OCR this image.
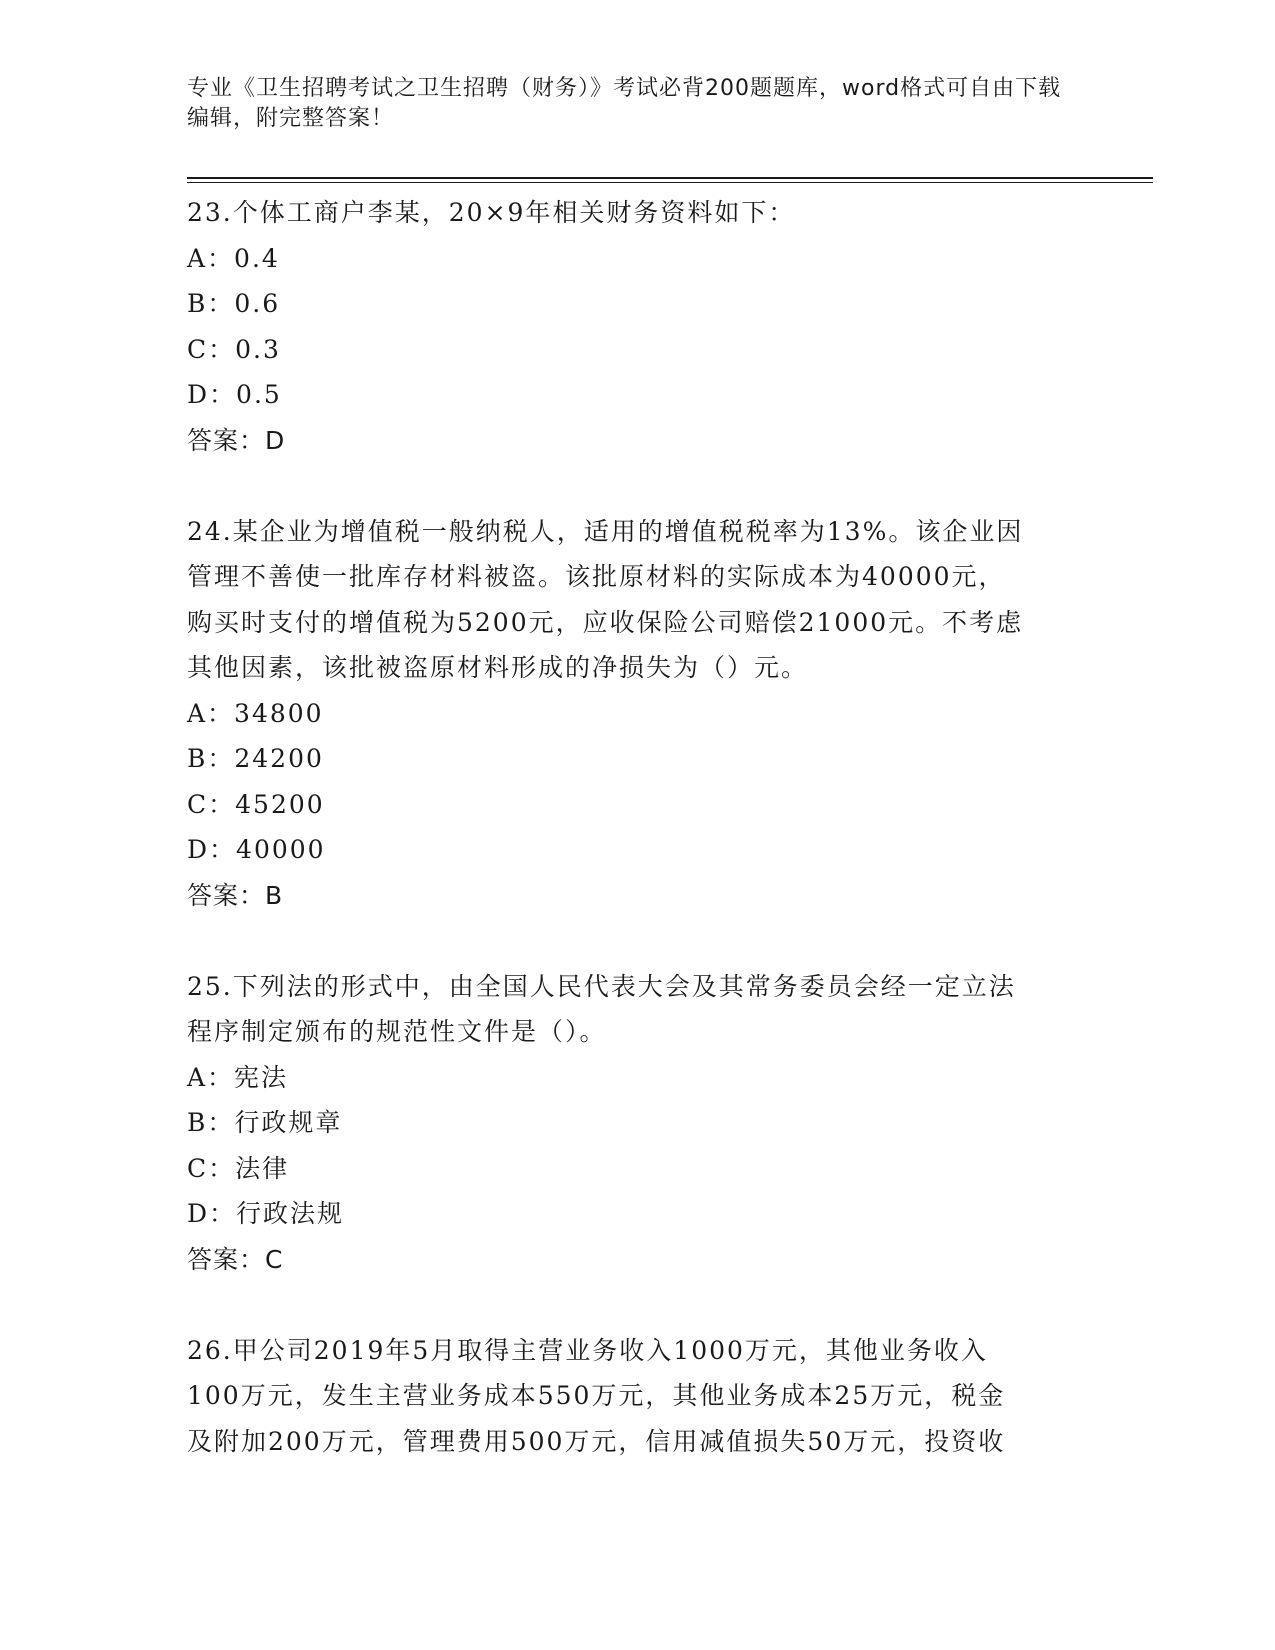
专业《卫生招聘考试之卫生招聘（财务）》考试必背200题题库，word格式可自由下载编辑，附完整答案！

23.个体工商户李某，20×9年相关财务资料如下：

A：0.4

B：0.6

C：0.3

D：0.5

答案：D

24.某企业为增值税一般纳税人，适用的增值税税率为13%。该企业因

管理不善使一批库存材料被盗。该批原材料的实际成本为40000元，

购买时支付的增值税为5200元，应收保险公司赔偿21000元。不考虑

其他因素，该批被盗原材料形成的净损失为（）元。

A：34800

B：24200

C：45200

D：40000

答案：B

25.下列法的形式中，由全国人民代表大会及其常务委员会经一定立法

程序制定颁布的规范性文件是（）。

A：宪法

B：行政规章

C：法律

D：行政法规

答案：C

26.甲公司2019年5月取得主营业务收入1000万元，其他业务收入

100万元，发生主营业务成本550万元，其他业务成本25万元，税金

及附加200万元，管理费用500万元，信用减值损失50万元，投资收
